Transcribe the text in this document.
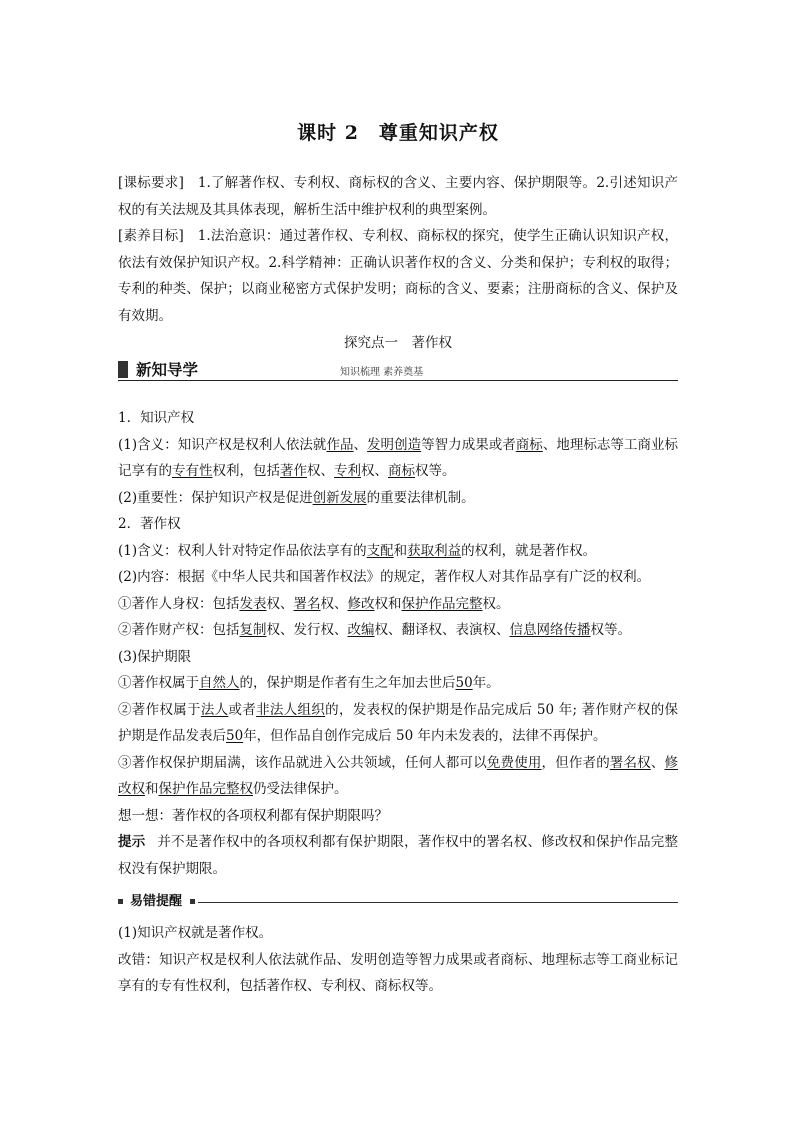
课时 2　尊重知识产权

[课标要求]　 1.了解著作权、专利权、商标权的含义、主要内容、保护期限等。2.引述知识产权的有关法规及其具体表现，解析生活中维护权利的典型案例。

[素养目标]　 1.法治意识：通过著作权、专利权、商标权的探究，使学生正确认识知识产权，依法有效保护知识产权。2.科学精神：正确认识著作权的含义、分类和保护；专利权的取得；专利的种类、保护；以商业秘密方式保护发明；商标的含义、要素；注册商标的含义、保护及有效期。

探究点一　著作权
新知导学	知识梳理 素养奠基

1．知识产权

(1)含义：知识产权是权利人依法就作品、发明创造等智力成果或者商标、地理标志等工商业标记享有的专有性权利，包括著作权、专利权、商标权等。

(2)重要性：保护知识产权是促进创新发展的重要法律机制。

2．著作权

(1)含义：权利人针对特定作品依法享有的支配和获取利益的权利，就是著作权。

(2)内容：根据《中华人民共和国著作权法》的规定，著作权人对其作品享有广泛的权利。

①著作人身权：包括发表权、署名权、修改权和保护作品完整权。

②著作财产权：包括复制权、发行权、改编权、翻译权、表演权、信息网络传播权等。

(3)保护期限

①著作权属于自然人的，保护期是作者有生之年加去世后50年。

②著作权属于法人或者非法人组织的，发表权的保护期是作品完成后 50 年; 著作财产权的保护期是作品发表后50年，但作品自创作完成后 50 年内未发表的，法律不再保护。

③著作权保护期届满，该作品就进入公共领域，任何人都可以免费使用，但作者的署名权、修改权和保护作品完整权仍受法律保护。

想一想：著作权的各项权利都有保护期限吗？

提示 并不是著作权中的各项权利都有保护期限，著作权中的署名权、修改权和保护作品完整权没有保护期限。

易错提醒

(1)知识产权就是著作权。

改错：知识产权是权利人依法就作品、发明创造等智力成果或者商标、地理标志等工商业标记享有的专有性权利，包括著作权、专利权、商标权等。
